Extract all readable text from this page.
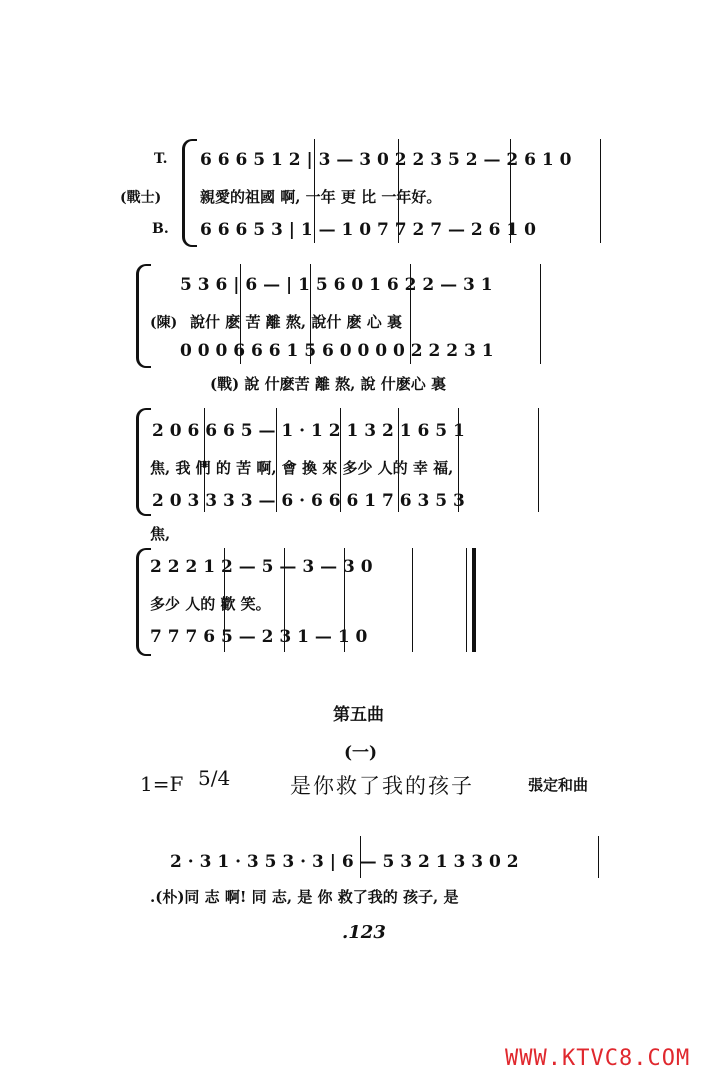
T.
(戰士)
B.
6 6 6 5 1 2 | 3 — 3 0 2 2 3 5 2 — 2 6 1 0
親愛的祖國 啊, 一年 更 比 一年好。
6 6 6 5 3 | 1 — 1 0 7 7 2 7 — 2 6 1 0
5 3 6 | 6 — | 1 5 6 0 1 6 2 2 — 3 1
(陳) 說什 麽 苦 離 熬, 說什 麽 心 裏
0 0 0 6 6 6 1 5 6 0 0 0 0 2 2 2 3 1
(戰) 說 什麽苦 離 熬, 說 什麽心 裏
2 0 6 6 6 5 — 1 · 1 2 1 3 2 1 6 5 1
焦, 我 們 的 苦 啊, 會 換 來 多少 人的 幸 福,
2 0 3 3 3 3 — 6 · 6 6 6 1 7 6 3 5 3
焦,
2 2 2 1 2 — 5 — 3 — 3 0
多少 人的 歡 笑。
7 7 7 6 5 — 2 3 1 — 1 0
第五曲
(一)
1=F 5/4	是你救了我的孩子	張定和曲
2 · 3 1 · 3 5 3 · 3 | 6 — 5 3 2 1 3 3 0 2
.(朴)同 志 啊! 同 志, 是 你 救了我的 孩子, 是
.123
WWW.KTVC8.COM
